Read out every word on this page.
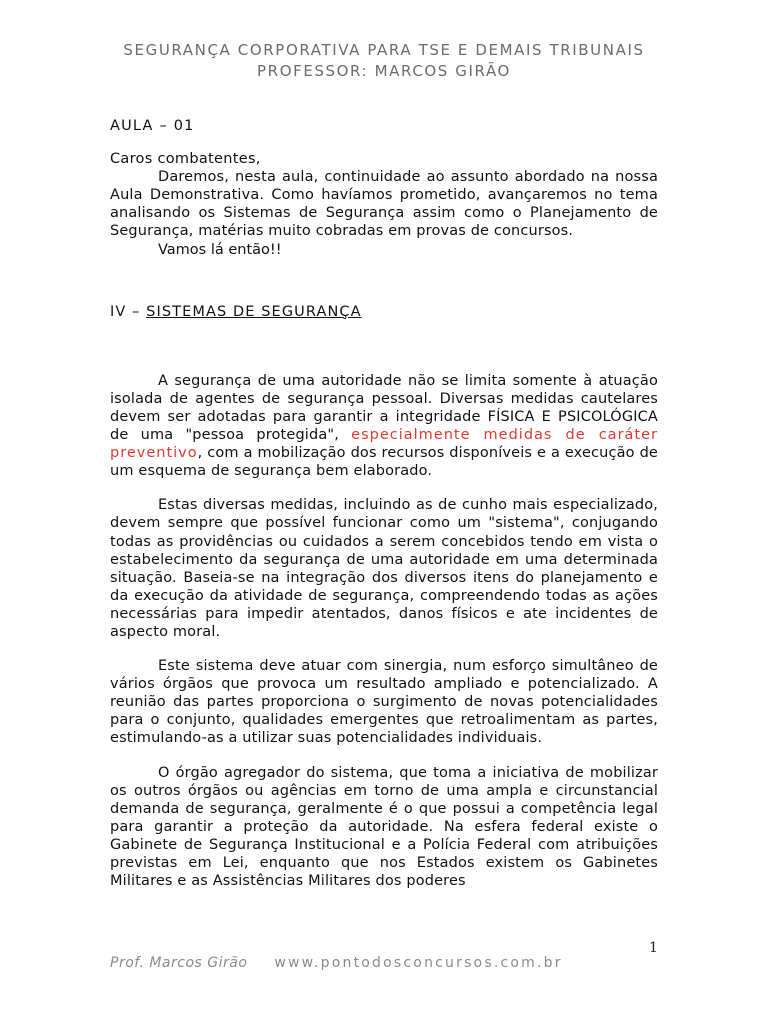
SEGURANÇA CORPORATIVA PARA TSE E DEMAIS TRIBUNAIS
PROFESSOR: MARCOS GIRÃO
AULA – 01

Caros combatentes,

Daremos, nesta aula, continuidade ao assunto abordado na nossa Aula Demonstrativa. Como havíamos prometido, avançaremos no tema analisando os Sistemas de Segurança assim como o Planejamento de Segurança, matérias muito cobradas em provas de concursos.

Vamos lá então!!

IV – SISTEMAS DE SEGURANÇA

A segurança de uma autoridade não se limita somente à atuação isolada de agentes de segurança pessoal. Diversas medidas cautelares devem ser adotadas para garantir a integridade FÍSICA E PSICOLÓGICA de uma "pessoa protegida", especialmente medidas de caráter preventivo, com a mobilização dos recursos disponíveis e a execução de um esquema de segurança bem elaborado.

Estas diversas medidas, incluindo as de cunho mais especializado, devem sempre que possível funcionar como um "sistema", conjugando todas as providências ou cuidados a serem concebidos tendo em vista o estabelecimento da segurança de uma autoridade em uma determinada situação. Baseia-se na integração dos diversos itens do planejamento e da execução da atividade de segurança, compreendendo todas as ações necessárias para impedir atentados, danos físicos e ate incidentes de aspecto moral.

Este sistema deve atuar com sinergia, num esforço simultâneo de vários órgãos que provoca um resultado ampliado e potencializado. A reunião das partes proporciona o surgimento de novas potencialidades para o conjunto, qualidades emergentes que retroalimentam as partes, estimulando-as a utilizar suas potencialidades individuais.

O órgão agregador do sistema, que toma a iniciativa de mobilizar os outros órgãos ou agências em torno de uma ampla e circunstancial demanda de segurança, geralmente é o que possui a competência legal para garantir a proteção da autoridade. Na esfera federal existe o Gabinete de Segurança Institucional e a Polícia Federal com atribuições previstas em Lei, enquanto que nos Estados existem os Gabinetes Militares e as Assistências Militares dos poderes

1
Prof. Marcos Girão www.pontodosconcursos.com.br
